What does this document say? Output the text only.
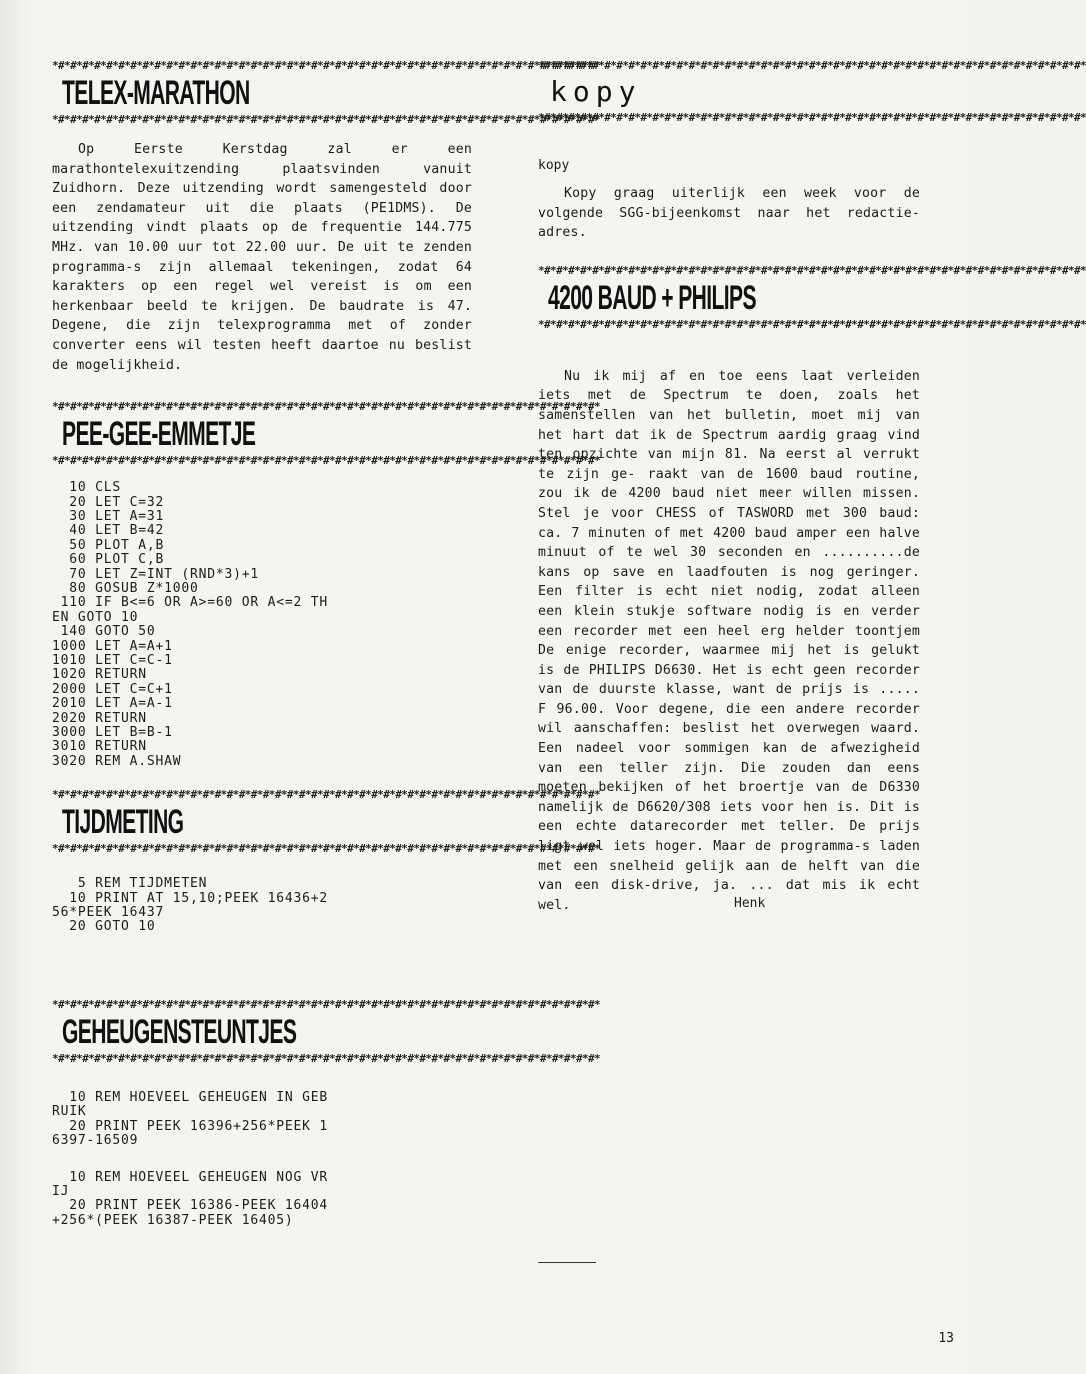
*#*#*#*#*#*#*#*#*#*#*#*#*#*#*#*#*#*#*#*#*#*#*#*#*#*#*#*#*#*#*#*#*#*#*#*#*#*#*#*#*#*#*#*#*#*
TELEX-MARATHON
*#*#*#*#*#*#*#*#*#*#*#*#*#*#*#*#*#*#*#*#*#*#*#*#*#*#*#*#*#*#*#*#*#*#*#*#*#*#*#*#*#*#*#*#*#*

Op Eerste Kerstdag zal er een marathontelexuitzending plaatsvinden vanuit Zuidhorn. Deze uitzending wordt samengesteld door een zendamateur uit die plaats (PE1DMS). De uitzending vindt plaats op de frequentie 144.775 MHz. van 10.00 uur tot 22.00 uur. De uit te zenden programma-s zijn allemaal tekeningen, zodat 64 karakters op een regel wel vereist is om een herkenbaar beeld te krijgen. De baudrate is 47. Degene, die zijn telexprogramma met of zonder converter eens wil testen heeft daartoe nu beslist de mogelijkheid.

*#*#*#*#*#*#*#*#*#*#*#*#*#*#*#*#*#*#*#*#*#*#*#*#*#*#*#*#*#*#*#*#*#*#*#*#*#*#*#*#*#*#*#*#*#*
PEE-GEE-EMMETJE
*#*#*#*#*#*#*#*#*#*#*#*#*#*#*#*#*#*#*#*#*#*#*#*#*#*#*#*#*#*#*#*#*#*#*#*#*#*#*#*#*#*#*#*#*#*
10 CLS
20 LET C=32
30 LET A=31
40 LET B=42
50 PLOT A,B
60 PLOT C,B
70 LET Z=INT (RND*3)+1
80 GOSUB Z*1000
110 IF B<=6 OR A>=60 OR A<=2 TH
EN GOTO 10
140 GOTO 50
1000 LET A=A+1
1010 LET C=C-1
1020 RETURN
2000 LET C=C+1
2010 LET A=A-1
2020 RETURN
3000 LET B=B-1
3010 RETURN
3020 REM A.SHAW
*#*#*#*#*#*#*#*#*#*#*#*#*#*#*#*#*#*#*#*#*#*#*#*#*#*#*#*#*#*#*#*#*#*#*#*#*#*#*#*#*#*#*#*#*#*
TIJDMETING
*#*#*#*#*#*#*#*#*#*#*#*#*#*#*#*#*#*#*#*#*#*#*#*#*#*#*#*#*#*#*#*#*#*#*#*#*#*#*#*#*#*#*#*#*#*
5 REM TIJDMETEN
10 PRINT AT 15,10;PEEK 16436+2
56*PEEK 16437
20 GOTO 10
*#*#*#*#*#*#*#*#*#*#*#*#*#*#*#*#*#*#*#*#*#*#*#*#*#*#*#*#*#*#*#*#*#*#*#*#*#*#*#*#*#*#*#*#*#*
GEHEUGENSTEUNTJES
*#*#*#*#*#*#*#*#*#*#*#*#*#*#*#*#*#*#*#*#*#*#*#*#*#*#*#*#*#*#*#*#*#*#*#*#*#*#*#*#*#*#*#*#*#*
10 REM HOEVEEL GEHEUGEN IN GEB
RUIK
20 PRINT PEEK 16396+256*PEEK 1
6397-16509
10 REM HOEVEEL GEHEUGEN NOG VR
IJ
20 PRINT PEEK 16386-PEEK 16404
+256*(PEEK 16387-PEEK 16405)
*#*#*#*#*#*#*#*#*#*#*#*#*#*#*#*#*#*#*#*#*#*#*#*#*#*#*#*#*#*#*#*#*#*#*#*#*#*#*#*#*#*#*#*#*#*
kopy
*#*#*#*#*#*#*#*#*#*#*#*#*#*#*#*#*#*#*#*#*#*#*#*#*#*#*#*#*#*#*#*#*#*#*#*#*#*#*#*#*#*#*#*#*#*
kopy

Kopy graag uiterlijk een week voor de volgende SGG-bijeenkomst naar het redactie- adres.

*#*#*#*#*#*#*#*#*#*#*#*#*#*#*#*#*#*#*#*#*#*#*#*#*#*#*#*#*#*#*#*#*#*#*#*#*#*#*#*#*#*#*#*#*#*
4200 BAUD + PHILIPS
*#*#*#*#*#*#*#*#*#*#*#*#*#*#*#*#*#*#*#*#*#*#*#*#*#*#*#*#*#*#*#*#*#*#*#*#*#*#*#*#*#*#*#*#*#*

Nu ik mij af en toe eens laat verleiden iets met de Spectrum te doen, zoals het samenstellen van het bulletin, moet mij van het hart dat ik de Spectrum aardig graag vind ten opzichte van mijn 81. Na eerst al verrukt te zijn ge- raakt van de 1600 baud routine, zou ik de 4200 baud niet meer willen missen. Stel je voor CHESS of TASWORD met 300 baud: ca. 7 minuten of met 4200 baud amper een halve minuut of te wel 30 seconden en ..........de kans op save en laadfouten is nog geringer. Een filter is echt niet nodig, zodat alleen een klein stukje software nodig is en verder een recorder met een heel erg helder toontjem De enige recorder, waarmee mij het is gelukt is de PHILIPS D6630. Het is echt geen recorder van de duurste klasse, want de prijs is ..... F 96.00. Voor degene, die een andere recorder wil aanschaffen: beslist het overwegen waard. Een nadeel voor sommigen kan de afwezigheid van een teller zijn. Die zouden dan eens moeten bekijken of het broertje van de D6330 namelijk de D6620/308 iets voor hen is. Dit is een echte datarecorder met teller. De prijs ligt wel iets hoger. Maar de programma-s laden met een snelheid gelijk aan de helft van die van een disk-drive, ja. ... dat mis ik echt wel.	Henk
13
